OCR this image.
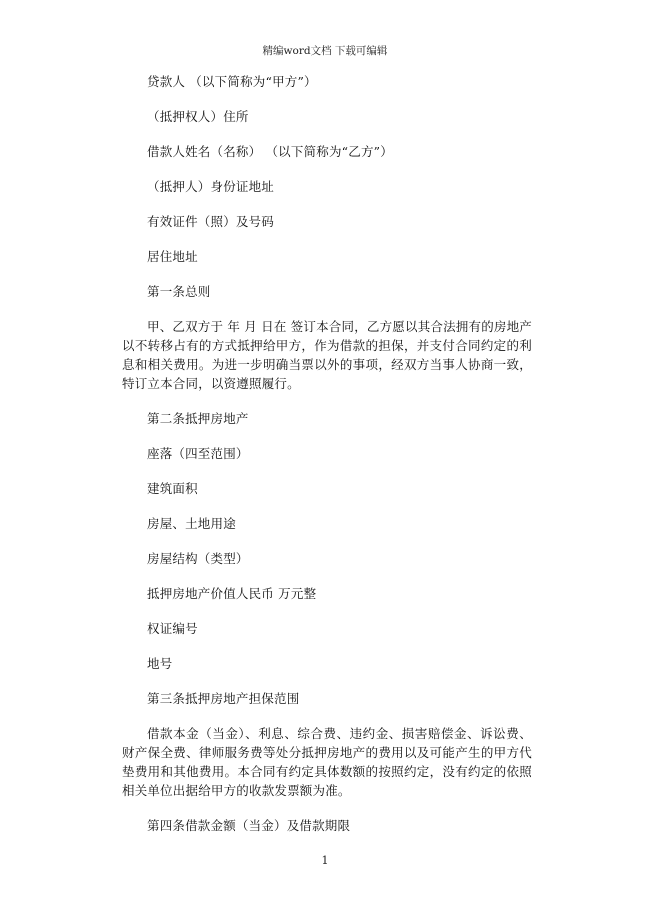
精编word文档 下载可编辑

贷款人 （以下简称为“甲方”）

（抵押权人）住所

借款人姓名（名称） （以下简称为“乙方”）

（抵押人）身份证地址

有效证件（照）及号码

居住地址

第一条总则

甲、乙双方于 年 月 日在 签订本合同，乙方愿以其合法拥有的房地产以不转移占有的方式抵押给甲方，作为借款的担保，并支付合同约定的利息和相关费用。为进一步明确当票以外的事项，经双方当事人协商一致，特订立本合同，以资遵照履行。

第二条抵押房地产

座落（四至范围）

建筑面积

房屋、土地用途

房屋结构（类型）

抵押房地产价值人民币 万元整

权证编号

地号

第三条抵押房地产担保范围

借款本金（当金）、利息、综合费、违约金、损害赔偿金、诉讼费、财产保全费、律师服务费等处分抵押房地产的费用以及可能产生的甲方代垫费用和其他费用。本合同有约定具体数额的按照约定，没有约定的依照相关单位出据给甲方的收款发票额为准。

第四条借款金额（当金）及借款期限

1
